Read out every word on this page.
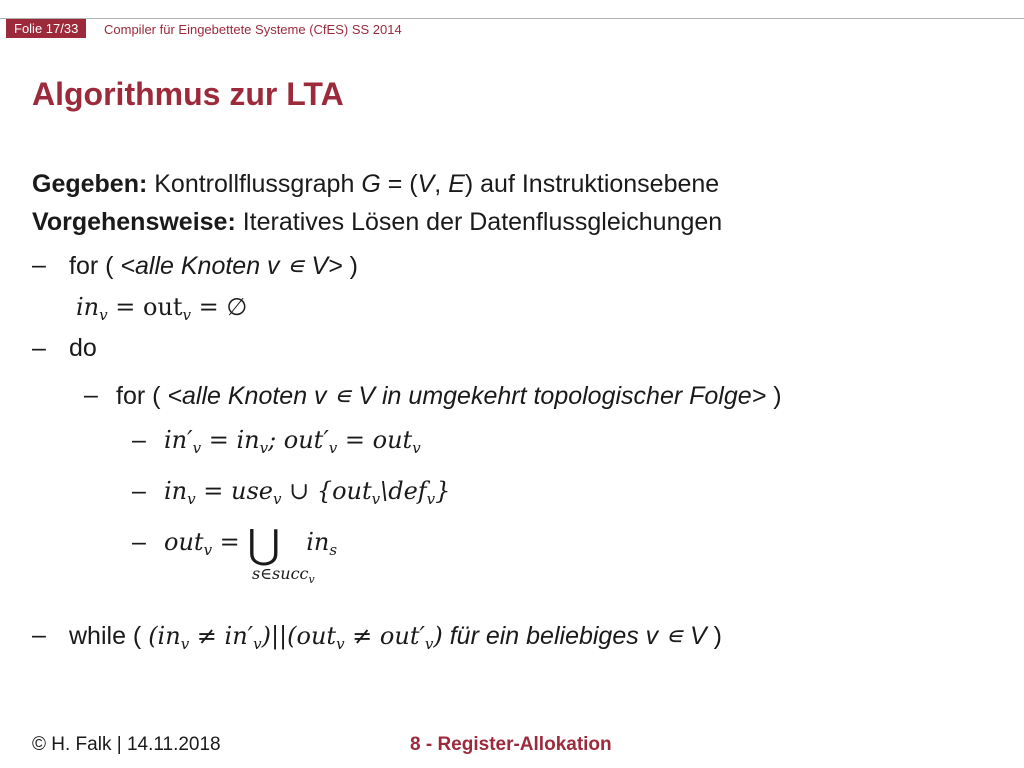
Folie 17/33	Compiler für Eingebettete Systeme (CfES) SS 2014
Algorithmus zur LTA
Gegeben: Kontrollflussgraph G = (V, E) auf Instruktionsebene
Vorgehensweise: Iteratives Lösen der Datenflussgleichungen
– for ( <alle Knoten v ∊ V> )
$in_v = out_v$ = ∅
– do
– for ( <alle Knoten v ∊ V in umgekehrt topologischer Folge> )
– $in'_v = in_v$; $out'_v = out_v$
– $in_v = use_v$ ∪ {out$_v$\def$_v$}
– out$_v$ = ⋃ $in_s$
s∈succ$_v$
– while ( $(in_v \ne in'_v)||(out_v \ne out'_v)$ für ein beliebiges v ∊ V )
© H. Falk | 14.11.2018	8 - Register-Allokation
